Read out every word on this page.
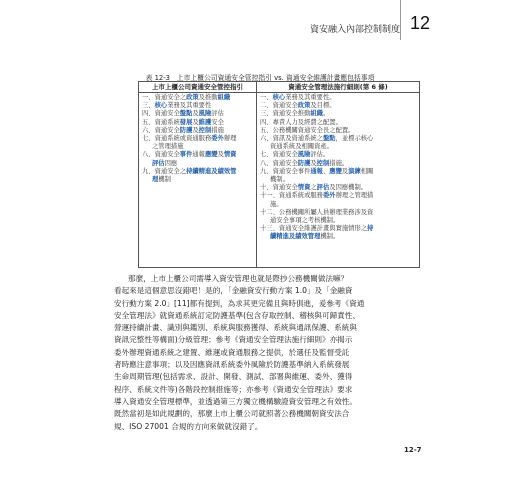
資安融入內部控制制度 12
表 12-3　上市上櫃公司資通安全管控指引 vs. 資通安全維護計畫應包括事項
上市上櫃公司資通安全管控指引	資通安全管理法施行細則(第 6 條)
一、資通安全之政策及推動組織
三、核心業務及其重要性
四、資通安全盤點及風險評估
五、資通系統發展及維護安全
六、資通安全防護及控制措施
七、資通系統或資通服務委外辦理
之管理措施
八、資通安全事件通報應變及情資
評估因應
九、資通安全之持續精進及績效管
理機制
一、核心業務及其重要性。
二、資通安全政策及目標。
三、資通安全推動組織。
四、專責人力及經費之配置。
五、公務機關資通安全長之配置。
六、資訊及資通系統之盤點，並標示核心
資通系統及相關資產。
七、資通安全風險評估。
八、資通安全防護及控制措施。
九、資通安全事件通報、應變及演練相關
機制。
十、資通安全情資之評估及因應機制。
十一、資通系統或服務委外辦理之管理措
施。
十二、公務機關所屬人員辦理業務涉及資
通安全事項之考核機制。
十三、資通安全維護計畫與實施情形之持
續精進及績效管理機制。
那麼，上市上櫃公司需導入資安管理也就是際抄公務機關做法嘛？
看起來是這個意思沒錯吧！是的，「金融資安行動方案 1.0」及「金融資
安行動方案 2.0」[11]都有提到，為求其更完備且與時俱進，爰參考《資通
安全管理法》就資通系統訂定防護基準(包含存取控制、稽核與可歸責性、
營運持續計畫、識別與鑑別、系統與服務獲得、系統與通訊保護、系統與
資訊完整性等構面)分級管理；參考《資通安全管理法施行細則》亦揭示
委外辦理資通系統之建置、維運或資通服務之提供，於選任及監督受託
者時應注意事項；以及因應資訊系統委外風險於防護基準納入系統發展
生命周期管理(包括需求、設計、開發、測試、部署與維運、委外、獲得
程序、系統文件等)各階段控制措施等；亦參考《資通安全管理法》要求
導入資通安全管理標準，並透過第三方獨立機構驗證資安管理之有效性。
既然當初是如此規劃的，那麼上市上櫃公司就照著公務機關朝資安法合
規、ISO 27001 合規的方向來做就沒錯了。
12-7
